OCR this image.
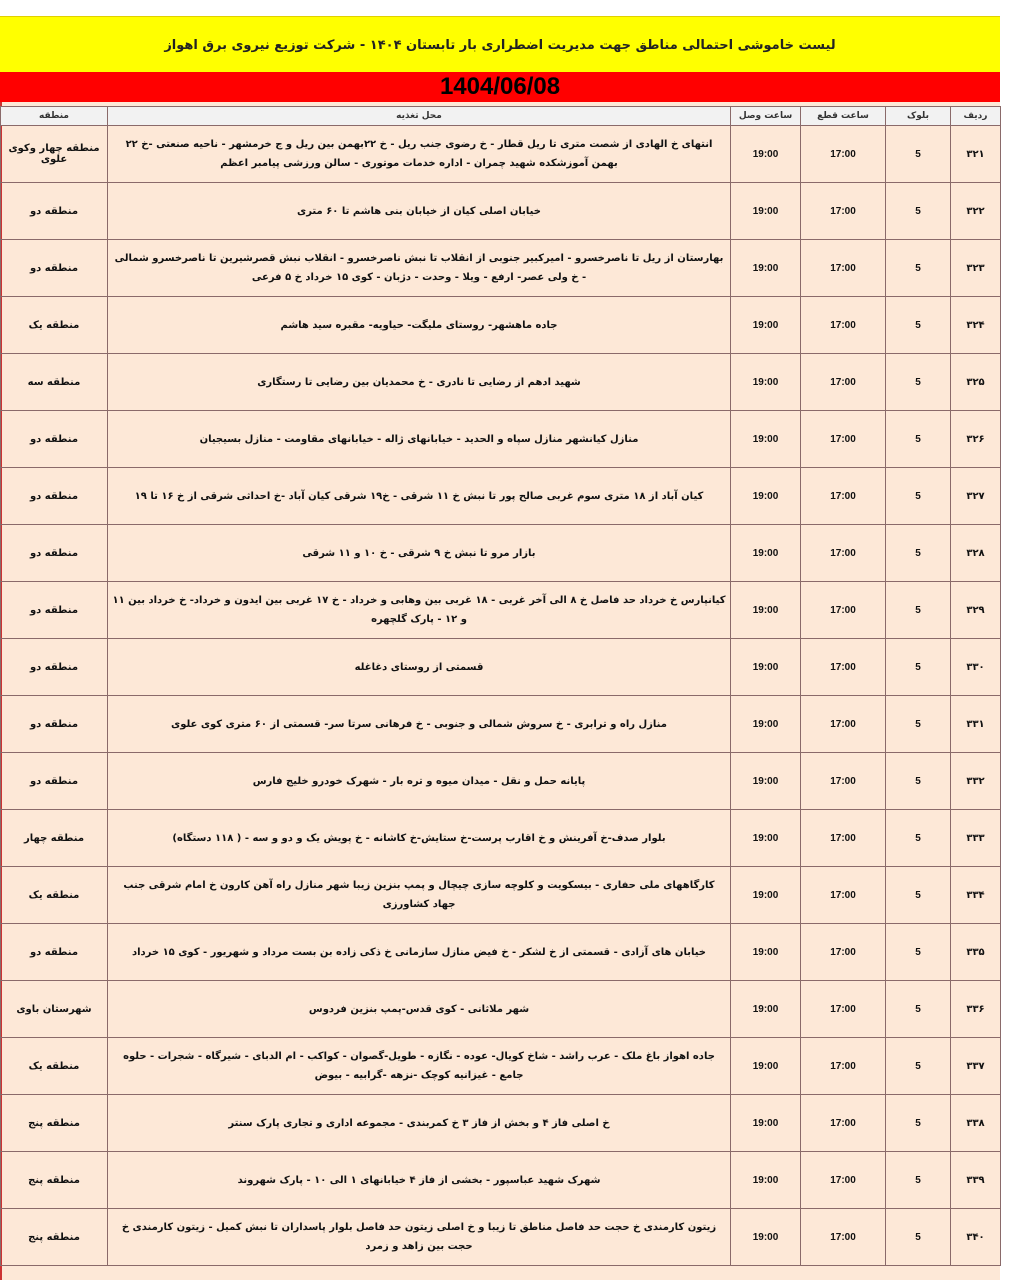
لیست خاموشی احتمالی مناطق جهت مدیریت اضطراری بار تابستان ۱۴۰۴ - شرکت توزیع نیروی برق اهواز
1404/06/08
ردیف	بلوک	ساعت قطع	ساعت وصل	محل تغذیه	منطقه
۳۲۱	5	17:00	19:00	انتهای خ الهادی از شصت متری تا ریل قطار - خ رضوی جنب ریل - خ ۲۲بهمن بین ریل و ج خرمشهر - ناحیه صنعتی -خ ۲۲ بهمن آموزشکده شهید چمران - اداره خدمات موتوری - سالن ورزشی پیامبر اعظم	منطقه چهار وکوی علوی
۳۲۲	5	17:00	19:00	خیابان اصلی کیان از خیابان بنی هاشم تا ۶۰ متری	منطقه دو
۳۲۳	5	17:00	19:00	بهارستان از ریل تا ناصرخسرو - امیرکبیر جنوبی از انقلاب تا نبش ناصرخسرو - انقلاب نبش قصرشیرین تا ناصرخسرو شمالی - خ ولی عصر- ارفع - ویلا - وحدت - دژبان - کوی ۱۵ خرداد خ ۵ فرعی	منطقه دو
۳۲۴	5	17:00	19:00	جاده ماهشهر- روستای ملیگت- حیاویه- مقبره سید هاشم	منطقه یک
۳۲۵	5	17:00	19:00	شهید ادهم از رضایی تا نادری - خ محمدیان بین رضایی تا رستگاری	منطقه سه
۳۲۶	5	17:00	19:00	منازل کیانشهر منازل سپاه و الحدید - خیابانهای ژاله - خیابانهای مقاومت - منازل بسیجیان	منطقه دو
۳۲۷	5	17:00	19:00	کیان آباد از ۱۸ متری سوم غربی صالح پور تا نبش خ ۱۱ شرقی - خ۱۹ شرقی کیان آباد -خ احداثی شرقی از خ ۱۶ تا ۱۹	منطقه دو
۳۲۸	5	17:00	19:00	بازار مرو تا نبش خ ۹ شرقی - خ ۱۰ و ۱۱ شرقی	منطقه دو
۳۲۹	5	17:00	19:00	کیانپارس خ خرداد حد فاصل خ ۸ الی آخر غربی - ۱۸ غربی بین وهابی و خرداد - خ ۱۷ غربی بین ایدون و خرداد- خ خرداد بین ۱۱ و ۱۲ - پارک گلچهره	منطقه دو
۳۳۰	5	17:00	19:00	قسمتی از روستای دغاغله	منطقه دو
۳۳۱	5	17:00	19:00	منازل راه و ترابری - خ سروش شمالی و جنوبی - خ فرهانی سرتا سر- قسمتی از ۶۰ متری کوی علوی	منطقه دو
۳۳۲	5	17:00	19:00	پایانه حمل و نقل - میدان میوه و تره بار - شهرک خودرو خلیج فارس	منطقه دو
۳۳۳	5	17:00	19:00	بلوار صدف-خ آفرینش و خ اقارب پرست-خ ستایش-خ کاشانه - خ پویش یک و دو و سه - ( ۱۱۸ دستگاه)	منطقه چهار
۳۳۴	5	17:00	19:00	کارگاههای ملی حفاری - بیسکویت و کلوچه سازی چیچال و پمپ بنزین زیبا شهر منازل راه آهن کارون خ امام شرقی جنب جهاد کشاورزی	منطقه یک
۳۳۵	5	17:00	19:00	خیابان های آزادی - قسمتی از خ لشکر - خ فیض منازل سازمانی خ ذکی زاده بن بست مرداد و شهریور - کوی ۱۵ خرداد	منطقه دو
۳۳۶	5	17:00	19:00	شهر ملاثانی - کوی قدس-پمپ بنزین فردوس	شهرستان باوی
۳۳۷	5	17:00	19:00	جاده اهواز باغ ملک - عرب راشد - شاخ کویال- عوده - نگازه - طویل-گصوان - کواکب - ام الدبای - شیرگاه - شجرات - حلوه جامع - غیزانیه کوچک -نزهه -گرابیه - بیوض	منطقه یک
۳۳۸	5	17:00	19:00	خ اصلی فاز ۴ و بخش از فاز ۳ خ کمربندی - مجموعه اداری و تجاری پارک سنتر	منطقه پنج
۳۳۹	5	17:00	19:00	شهرک شهید عباسپور - بخشی از فاز ۴ خیابانهای ۱ الی ۱۰ - پارک شهروند	منطقه پنج
۳۴۰	5	17:00	19:00	زیتون کارمندی خ حجت حد فاصل مناطق تا زیبا و خ اصلی زیتون حد فاصل بلوار پاسداران تا نبش کمیل - زیتون کارمندی خ حجت بین زاهد و زمرد	منطقه پنج
